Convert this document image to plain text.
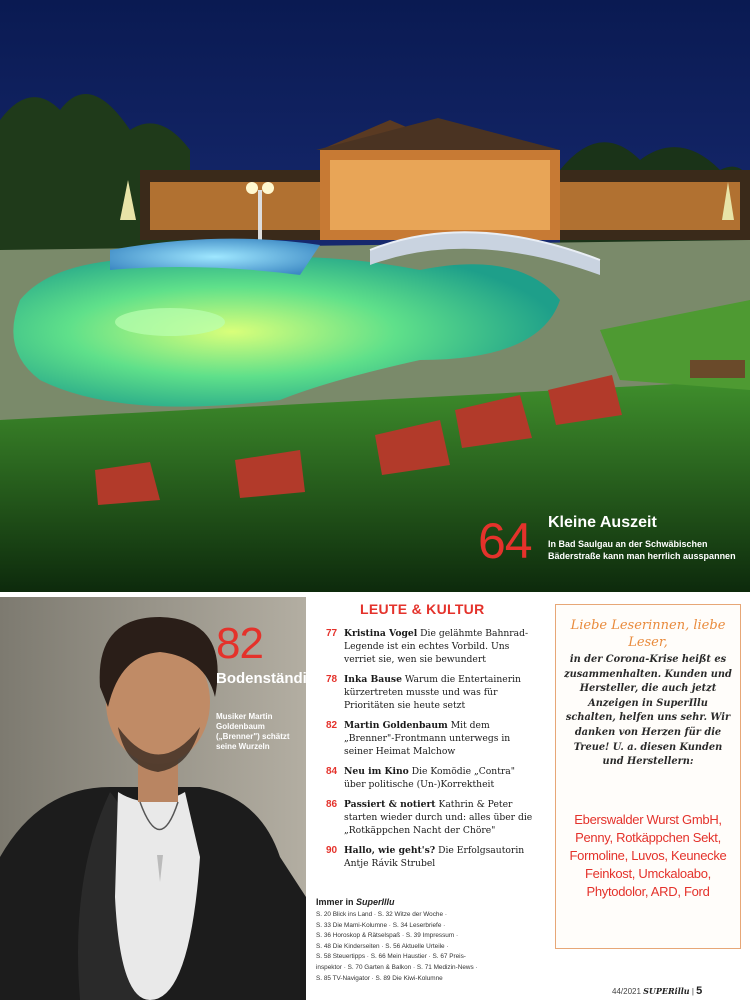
64 Kleine Auszeit
In Bad Saulgau an der Schwäbischen Bäderstraße kann man herrlich ausspannen
82
Bodenständig
Musiker Martin Goldenbaum („Brenner") schätzt seine Wurzeln
LEUTE & KULTUR
77 Kristina Vogel Die gelähmte Bahnrad-Legende ist ein echtes Vorbild. Uns verriet sie, wen sie bewundert
78 Inka Bause Warum die Entertainerin kürzertreten musste und was für Prioritäten sie heute setzt
82 Martin Goldenbaum Mit dem „Brenner"-Frontmann unterwegs in seiner Heimat Malchow
84 Neu im Kino Die Komödie „Contra" über politische (Un-)Korrektheit
86 Passiert & notiert Kathrin & Peter starten wieder durch und: alles über die „Rotkäppchen Nacht der Chöre"
90 Hallo, wie geht's? Die Erfolgsautorin Antje Rávik Strubel
Immer in SuperIllu
S. 20 Blick ins Land · S. 32 Witze der Woche ·
S. 33 Die Mami-Kolumne · S. 34 Leserbriefe ·
S. 36 Horoskop & Rätselspaß · S. 39 Impressum ·
S. 48 Die Kinderseiten · S. 56 Aktuelle Urteile ·
S. 58 Steuertipps · S. 66 Mein Haustier · S. 67 Preis-
inspektor · S. 70 Garten & Balkon · S. 71 Medizin-News ·
S. 85 TV-Navigator · S. 89 Die Kiwi-Kolumne
Liebe Leserinnen, liebe Leser,
in der Corona-Krise heißt es zusammenhalten. Kunden und Hersteller, die auch jetzt Anzeigen in SuperIllu schalten, helfen uns sehr. Wir danken von Herzen für die Treue! U. a. diesen Kunden und Herstellern:
Eberswalder Wurst GmbH, Penny, Rotkäppchen Sekt, Formoline, Luvos, Keunecke Feinkost, Umckaloabo, Phytodolor, ARD, Ford
44/2021 SUPERillu | 5
